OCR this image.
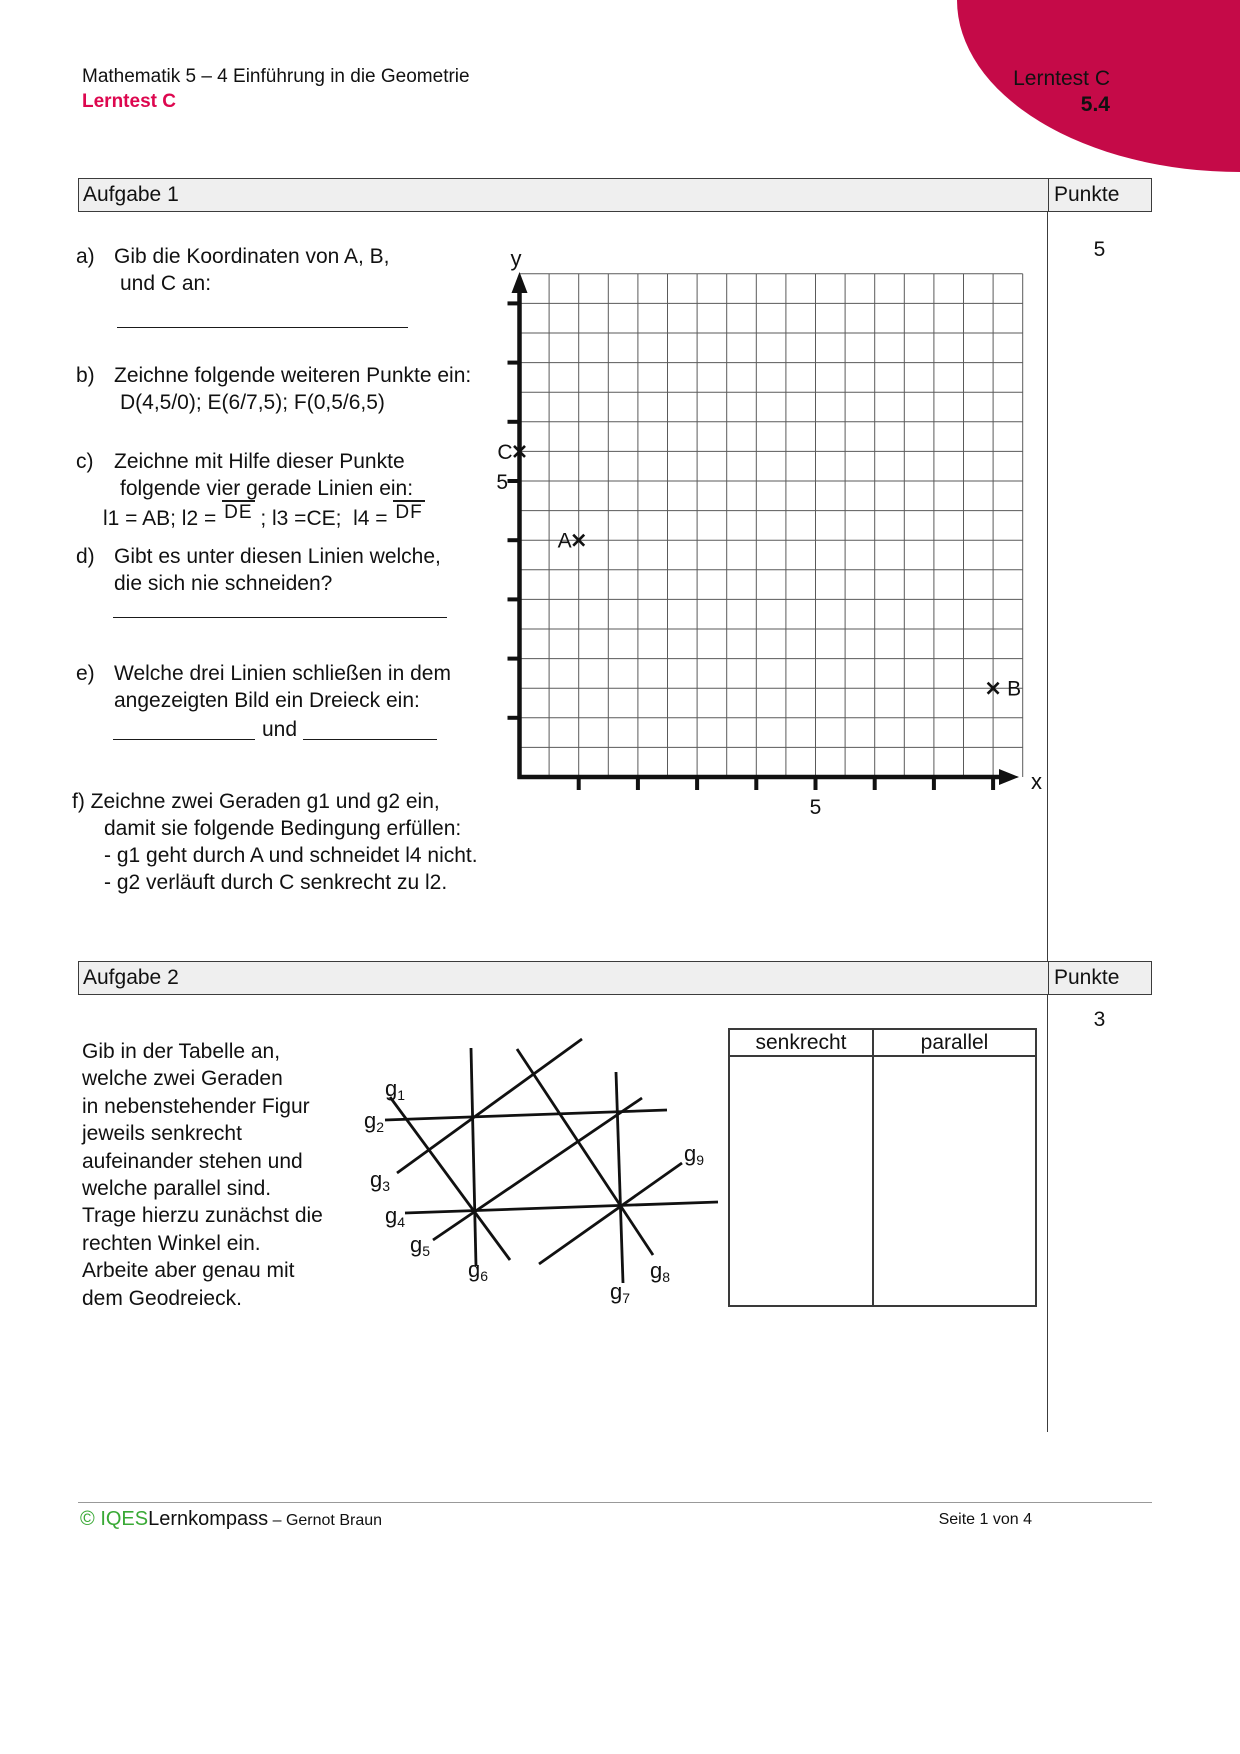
Lerntest C
5.4
Mathematik 5 – 4 Einführung in die Geometrie
Lerntest C
Aufgabe 1	Punkte
5
a) Gib die Koordinaten von A, B,
und C an:
b) Zeichne folgende weiteren Punkte ein:
D(4,5/0); E(6/7,5); F(0,5/6,5)
c) Zeichne mit Hilfe dieser Punkte
folgende vier gerade Linien ein:
l1 = AB; l2 = DE ; l3 =CE;  l4 = DF
d) Gibt es unter diesen Linien welche,
die sich nie schneiden?
e) Welche drei Linien schließen in dem
angezeigten Bild ein Dreieck ein:
und
f) Zeichne zwei Geraden g1 und g2 ein,
damit sie folgende Bedingung erfüllen:
- g1 geht durch A und schneidet l4 nicht.
- g2 verläuft durch C senkrecht zu l2.
y
x
5
5
A
B
C
Aufgabe 2	Punkte
3
Gib in der Tabelle an,
welche zwei Geraden
in nebenstehender Figur
jeweils senkrecht
aufeinander stehen und
welche parallel sind.
Trage hierzu zunächst die
rechten Winkel ein.
Arbeite aber genau mit
dem Geodreieck.
g1
g2
g3
g4
g5
g6
g7
g8
g9
senkrecht	parallel
© IQESLernkompass – Gernot Braun	Seite 1 von 4
